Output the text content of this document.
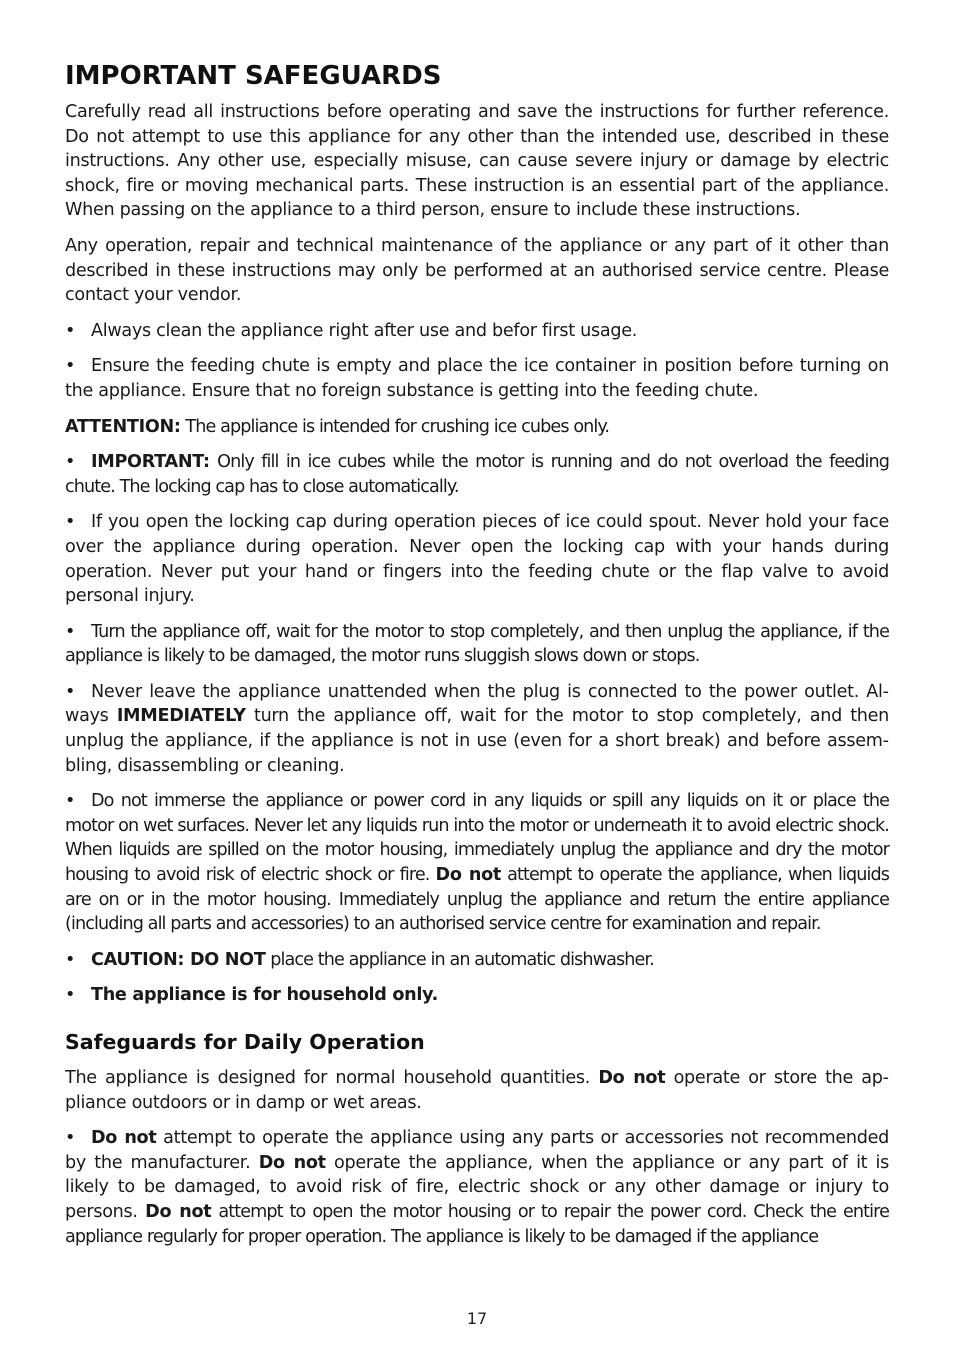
IMPORTANT SAFEGUARDS

Carefully read all instructions before operating and save the instructions for further reference. Do not attempt to use this appliance for any other than the intended use, described in these instructions. Any other use, especially misuse, can cause severe injury or damage by electric shock, fire or moving mechanical parts. These instruction is an essential part of the appliance. When passing on the appliance to a third person, ensure to include these instructions.

Any operation, repair and technical maintenance of the appliance or any part of it other than described in these instructions may only be performed at an authorised service centre. Please contact your vendor.

• Always clean the appliance right after use and befor first usage.

• Ensure the feeding chute is empty and place the ice container in position before turning on the appliance. Ensure that no foreign substance is getting into the feeding chute.

ATTENTION: The appliance is intended for crushing ice cubes only.

• IMPORTANT: Only fill in ice cubes while the motor is running and do not overload the feeding chute. The locking cap has to close automatically.

• If you open the locking cap during operation pieces of ice could spout. Never hold your face over the appliance during operation. Never open the locking cap with your hands during operation. Never put your hand or fingers into the feeding chute or the flap valve to avoid personal injury.

• Turn the appliance off, wait for the motor to stop completely, and then unplug the appliance, if the appliance is likely to be damaged, the motor runs sluggish slows down or stops.

• Never leave the appliance unattended when the plug is connected to the power outlet. Always IMMEDIATELY turn the appliance off, wait for the motor to stop completely, and then unplug the appliance, if the appliance is not in use (even for a short break) and before assembling, disassembling or cleaning.

• Do not immerse the appliance or power cord in any liquids or spill any liquids on it or place the motor on wet surfaces. Never let any liquids run into the motor or underneath it to avoid electric shock. When liquids are spilled on the motor housing, immediately unplug the appliance and dry the motor housing to avoid risk of electric shock or fire. Do not attempt to operate the appliance, when liquids are on or in the motor housing. Immediately unplug the appliance and return the entire appliance (including all parts and accessories) to an authorised service centre for examination and repair.

• CAUTION: DO NOT place the appliance in an automatic dishwasher.

• The appliance is for household only.

Safeguards for Daily Operation

The appliance is designed for normal household quantities. Do not operate or store the appliance outdoors or in damp or wet areas.

• Do not attempt to operate the appliance using any parts or accessories not recommended by the manufacturer. Do not operate the appliance, when the appliance or any part of it is likely to be damaged, to avoid risk of fire, electric shock or any other damage or injury to persons. Do not attempt to open the motor housing or to repair the power cord. Check the entire appliance regularly for proper operation. The appliance is likely to be damaged if the appliance

17
